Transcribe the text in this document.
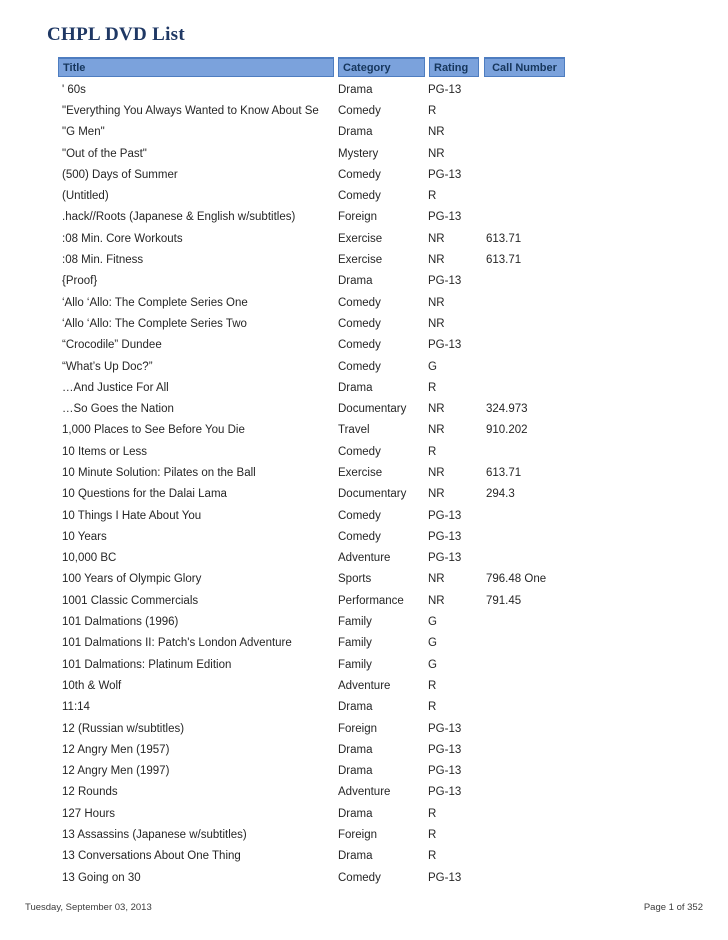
CHPL DVD List
Title	Category	Rating	Call Number
' 60s	Drama	PG-13
"Everything You Always Wanted to Know About Se	Comedy	R
"G Men"	Drama	NR
"Out of the Past"	Mystery	NR
(500) Days of Summer	Comedy	PG-13
(Untitled)	Comedy	R
.hack//Roots (Japanese & English w/subtitles)	Foreign	PG-13
:08 Min. Core Workouts	Exercise	NR	613.71
:08 Min. Fitness	Exercise	NR	613.71
{Proof}	Drama	PG-13
‘Allo ‘Allo: The Complete Series One	Comedy	NR
‘Allo ‘Allo: The Complete Series Two	Comedy	NR
“Crocodile” Dundee	Comedy	PG-13
“What’s Up Doc?”	Comedy	G
…And Justice For All	Drama	R
…So Goes the Nation	Documentary	NR	324.973
1,000 Places to See Before You Die	Travel	NR	910.202
10 Items or Less	Comedy	R
10 Minute Solution: Pilates on the Ball	Exercise	NR	613.71
10 Questions for the Dalai Lama	Documentary	NR	294.3
10 Things I Hate About You	Comedy	PG-13
10 Years	Comedy	PG-13
10,000 BC	Adventure	PG-13
100 Years of Olympic Glory	Sports	NR	796.48 One
1001 Classic Commercials	Performance	NR	791.45
101 Dalmations (1996)	Family	G
101 Dalmations II: Patch's London Adventure	Family	G
101 Dalmations: Platinum Edition	Family	G
10th & Wolf	Adventure	R
11:14	Drama	R
12 (Russian w/subtitles)	Foreign	PG-13
12 Angry Men (1957)	Drama	PG-13
12 Angry Men (1997)	Drama	PG-13
12 Rounds	Adventure	PG-13
127 Hours	Drama	R
13 Assassins (Japanese w/subtitles)	Foreign	R
13 Conversations About One Thing	Drama	R
13 Going on 30	Comedy	PG-13
Tuesday, September 03, 2013	Page 1 of 352
